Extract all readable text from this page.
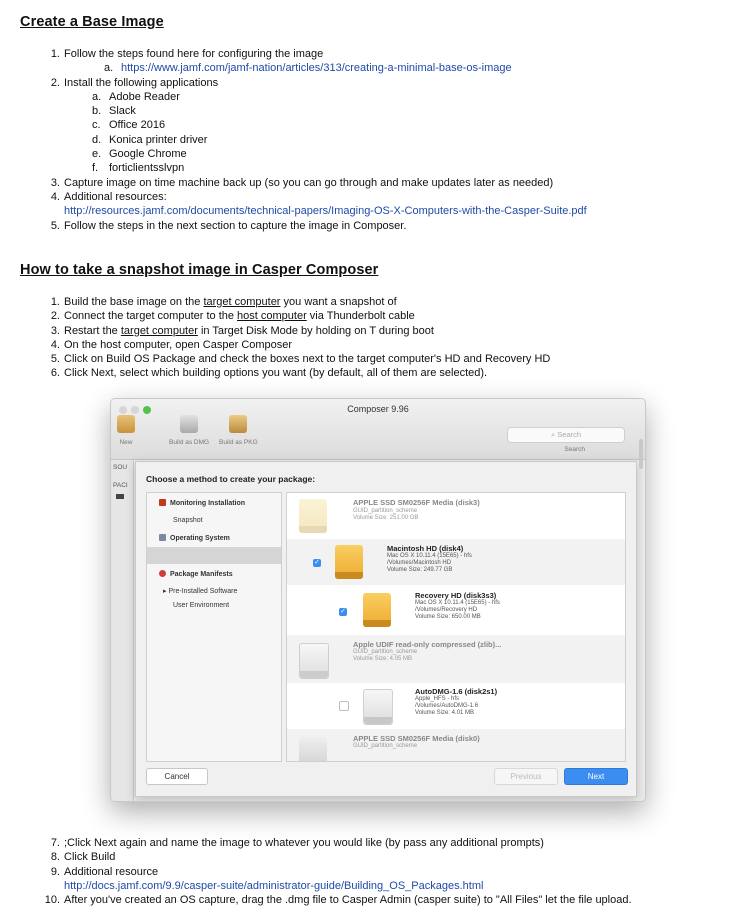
Create a Base Image
1. Follow the steps found here for configuring the image
a. https://www.jamf.com/jamf-nation/articles/313/creating-a-minimal-base-os-image
2. Install the following applications
a. Adobe Reader
b. Slack
c. Office 2016
d. Konica printer driver
e. Google Chrome
f. forticlientsslvpn
3. Capture image on time machine back up (so you can go through and make updates later as needed)
4. Additional resources:
http://resources.jamf.com/documents/technical-papers/Imaging-OS-X-Computers-with-the-Casper-Suite.pdf
5. Follow the steps in the next section to capture the image in Composer.
How to take a snapshot image in Casper Composer
1. Build the base image on the target computer you want a snapshot of
2. Connect the target computer to the host computer via Thunderbolt cable
3. Restart the target computer in Target Disk Mode by holding on T during boot
4. On the host computer, open Casper Composer
5. Click on Build OS Package and check the boxes next to the target computer's HD and Recovery HD
6. Click Next, select which building options you want (by default, all of them are selected).
Composer 9.96
New	Build as DMG Build as PKG
⌕ Search
Search
SOU
PACI
Choose a method to create your package:
Monitoring Installation
Snapshot
Operating System
Package Manifests
▸ Pre-Installed Software
User Environment
APPLE SSD SM0256F Media (disk3)
GUID_partition_scheme
Volume Size: 251.00 GB
✓
Macintosh HD (disk4)
Mac OS X 10.11.4 (15E65) - hfs
/Volumes/Macintosh HD
Volume Size: 249.77 GB
✓
Recovery HD (disk3s3)
Mac OS X 10.11.4 (15E65) - hfs
/Volumes/Recovery HD
Volume Size: 650.00 MB
Apple UDIF read-only compressed (zlib)...
GUID_partition_scheme
Volume Size: 4.05 MB
AutoDMG-1.6 (disk2s1)
Apple_HFS - hfs
/Volumes/AutoDMG-1.6
Volume Size: 4.01 MB
APPLE SSD SM0256F Media (disk0)
GUID_partition_scheme
Cancel	Previous	Next
7. ;Click Next again and name the image to whatever you would like (by pass any additional prompts)
8. Click Build
9. Additional resource
http://docs.jamf.com/9.9/casper-suite/administrator-guide/Building_OS_Packages.html
10. After you've created an OS capture, drag the .dmg file to Casper Admin (casper suite) to "All Files" let the file upload.
